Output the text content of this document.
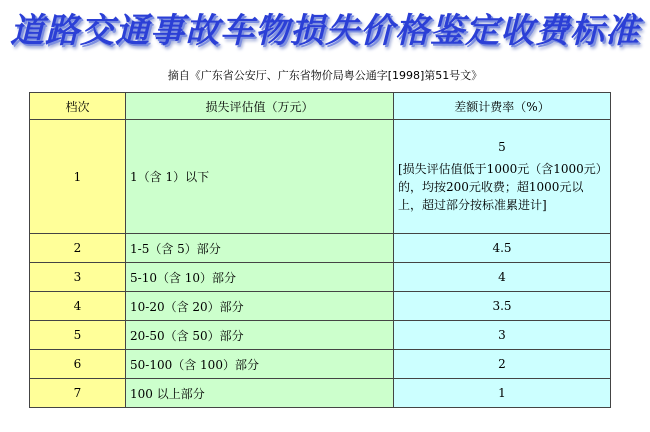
道路交通事故车物损失价格鉴定收费标准
摘自《广东省公安厅、广东省物价局粤公通字[1998]第51号文》
档次	损失评估值（万元）	差额计费率（%）
1	1（含 1）以下	5
[损失评估值低于1000元（含1000元）的，均按200元收费；超1000元以上，超过部分按标准累进计]

2	1-5（含 5）部分	4.5
3	5-10（含 10）部分	4
4	10-20（含 20）部分	3.5
5	20-50（含 50）部分	3
6	50-100（含 100）部分	2
7	100 以上部分	1
